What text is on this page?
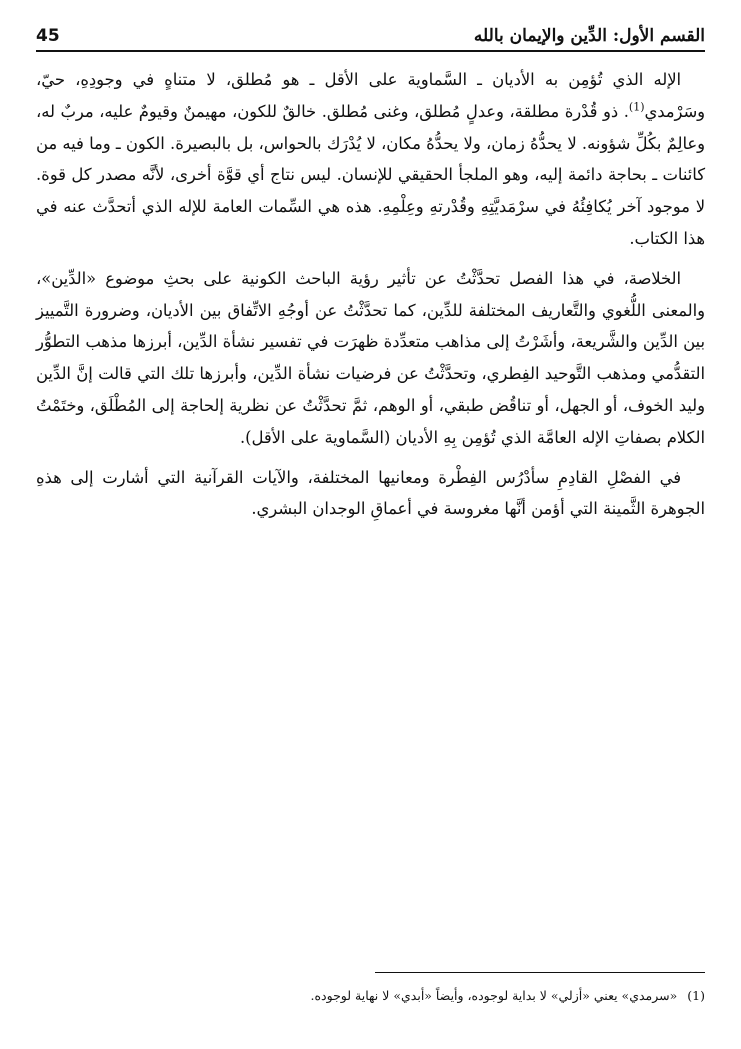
45	القسم الأول: الدِّين والإيمان بالله

الإله الذي تُؤمِن به الأديان ـ السَّماوية على الأقل ـ هو مُطلق، لا متناهٍ في وجودِهِ، حيّ، وسَرْمدي$^{(1)}$. ذو قُدْرة مطلقة، وعدلٍ مُطلق، وغنى مُطلق. خالقٌ للكون، مهيمنٌ وقيومٌ عليه، مربٌ له، وعالِمٌ بكُلِّ شؤونه. لا يحدُّهُ زمان، ولا يحدُّهُ مكان، لا يُدْرَك بالحواس، بل بالبصيرة. الكون ـ وما فيه من كائنات ـ بحاجة دائمة إليه، وهو الملجأ الحقيقي للإنسان. ليس نتاج أي قوَّة أخرى، لأنَّه مصدر كل قوة. لا موجود آخر يُكافِئُهُ في سرْمَديَّتِهِ وقُدْرتهِ وعِلْمِهِ. هذه هي السِّمات العامة للإله الذي أتحدَّث عنه في هذا الكتاب.

الخلاصة، في هذا الفصل تحدَّثْتُ عن تأثير رؤية الباحث الكونية على بحثِ موضوع «الدِّين»، والمعنى اللُّغوي والتَّعاريف المختلفة للدِّين، كما تحدَّثْتُ عن أوجُهِ الاتِّفاق بين الأديان، وضرورة التَّمييز بين الدِّين والشَّريعة، وأشَرْتُ إلى مذاهب متعدِّدة ظهرَت في تفسير نشأة الدِّين، أبرزها مذهب التطوُّر التقدُّمي ومذهب التَّوحيد الفِطري، وتحدَّثْتُ عن فرضيات نشأة الدِّين، وأبرزها تلك التي قالت إنَّ الدِّين وليد الخوف، أو الجهل، أو تناقُض طبقي، أو الوهم، ثمَّ تحدَّثْتُ عن نظرية إلحاجة إلى المُطْلَق، وختَمْتُ الكلام بصفاتِ الإله العامَّة الذي تُؤمِن بِهِ الأديان (السَّماوية على الأقل).

في الفصْلِ القادِمِ سأدْرُس الفِطْرة ومعانيها المختلفة، والآيات القرآنية التي أشارت إلى هذهِ الجوهرة الثَّمينة التي أؤمن أنَّها مغروسة في أعماقِ الوجدان البشري.

(1)«سرمدي» يعني «أزلي» لا بداية لوجوده، وأيضاً «أبدي» لا نهاية لوجوده.
